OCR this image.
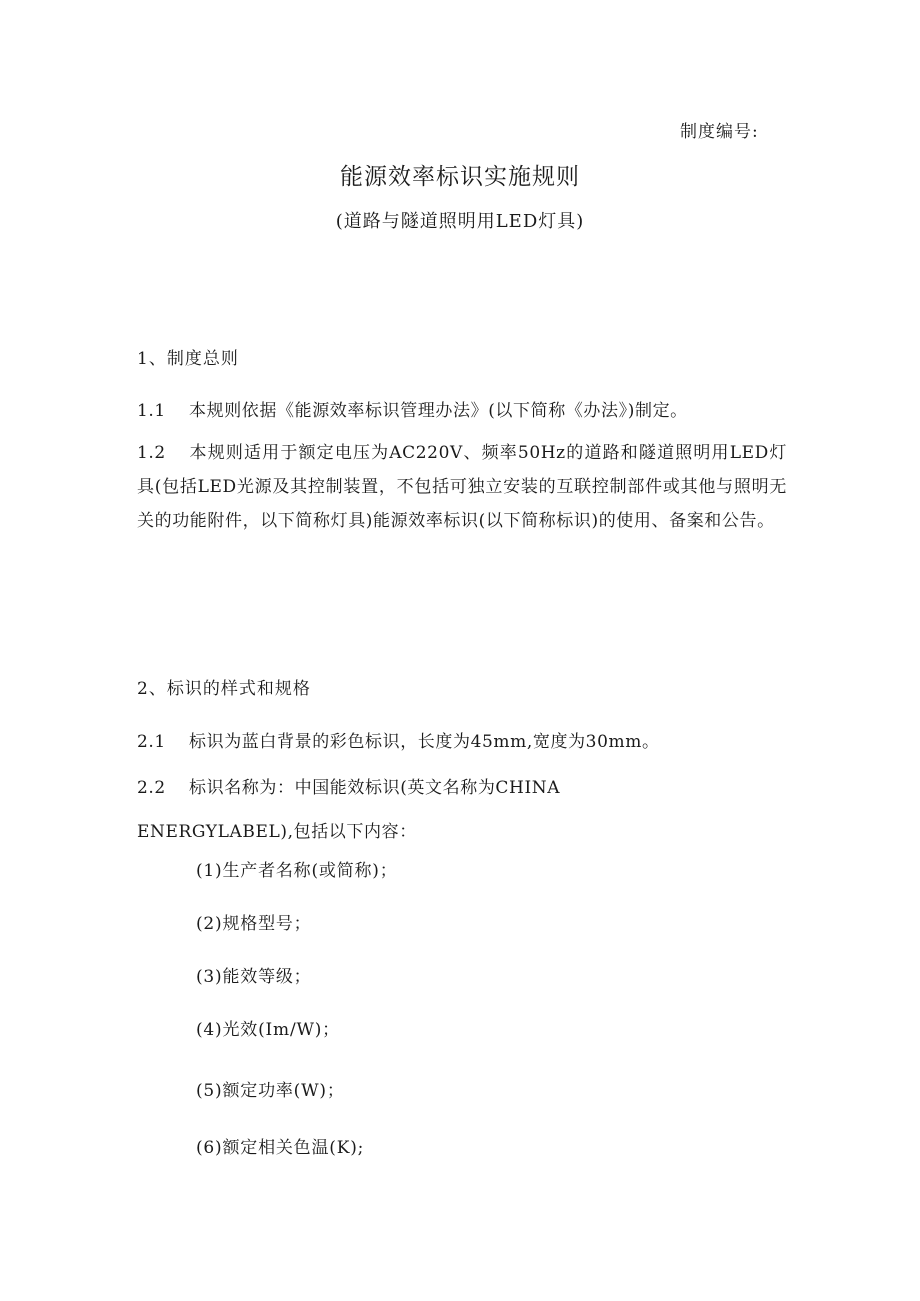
制度编号:
能源效率标识实施规则
(道路与隧道照明用LED灯具)
1、制度总则
1.1 本规则依据《能源效率标识管理办法》(以下简称《办法》)制定。
1.2 本规则适用于额定电压为AC220V、频率50Hz的道路和隧道照明用LED灯具(包括LED光源及其控制装置，不包括可独立安装的互联控制部件或其他与照明无关的功能附件，以下简称灯具)能源效率标识(以下简称标识)的使用、备案和公告。
2、标识的样式和规格
2.1 标识为蓝白背景的彩色标识，长度为45mm,宽度为30mm。
2.2 标识名称为：中国能效标识(英文名称为CHINA
ENERGYLABEL),包括以下内容：
(1)生产者名称(或简称)；
(2)规格型号；
(3)能效等级；
(4)光效(Im/W)；
(5)额定功率(W)；
(6)额定相关色温(K);
